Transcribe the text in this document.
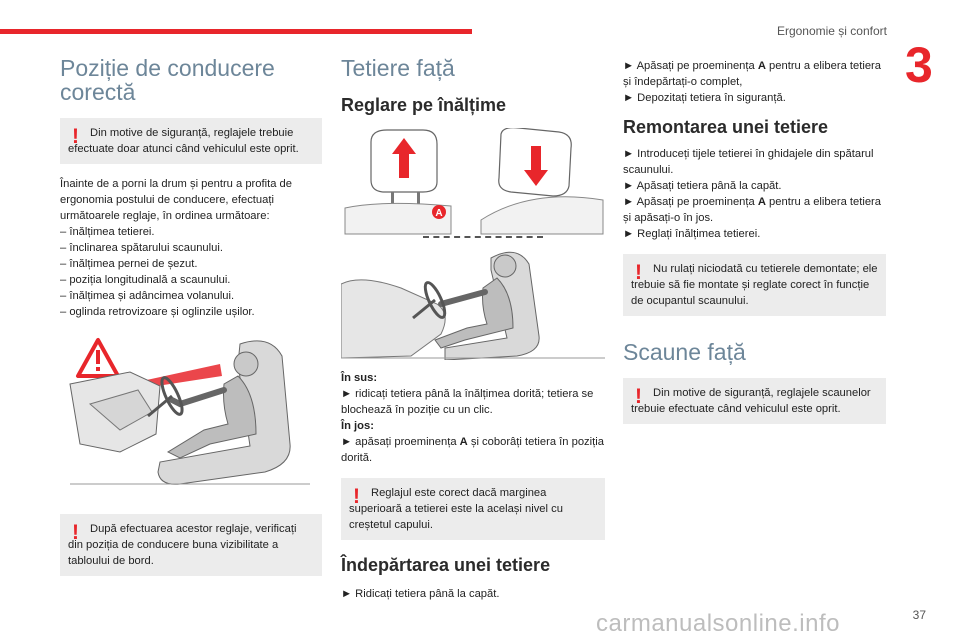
Ergonomie și confort
3
Poziție de conducere corectă
! Din motive de siguranță, reglajele trebuie efectuate doar atunci când vehiculul este oprit.

Înainte de a porni la drum și pentru a profita de ergonomia postului de conducere, efectuați următoarele reglaje, în ordinea următoare:

– înălțimea tetierei.

– înclinarea spătarului scaunului.

– înălțimea pernei de șezut.

– poziția longitudinală a scaunului.

– înălțimea și adâncimea volanului.

– oglinda retrovizoare și oglinzile ușilor.

! După efectuarea acestor reglaje, verificați din poziția de conducere buna vizibilitate a tabloului de bord.
Tetiere față
Reglare pe înălțime
A

În sus:

► ridicați tetiera până la înălțimea dorită; tetiera se blochează în poziție cu un clic.

În jos:

► apăsați proeminența A și coborâți tetiera în poziția dorită.

! Reglajul este corect dacă marginea superioară a tetierei este la același nivel cu creștetul capului.
Îndepărtarea unei tetiere

► Ridicați tetiera până la capăt.

► Apăsați pe proeminența A pentru a elibera tetiera și îndepărtați-o complet,

► Depozitați tetiera în siguranță.

Remontarea unei tetiere

► Introduceți tijele tetierei în ghidajele din spătarul scaunului.

► Apăsați tetiera până la capăt.

► Apăsați pe proeminența A pentru a elibera tetiera și apăsați-o în jos.

► Reglați înălțimea tetierei.

! Nu rulați niciodată cu tetierele demontate; ele trebuie să fie montate și reglate corect în funcție de ocupantul scaunului.
Scaune față
! Din motive de siguranță, reglajele scaunelor trebuie efectuate când vehiculul este oprit.
37
carmanualsonline.info
